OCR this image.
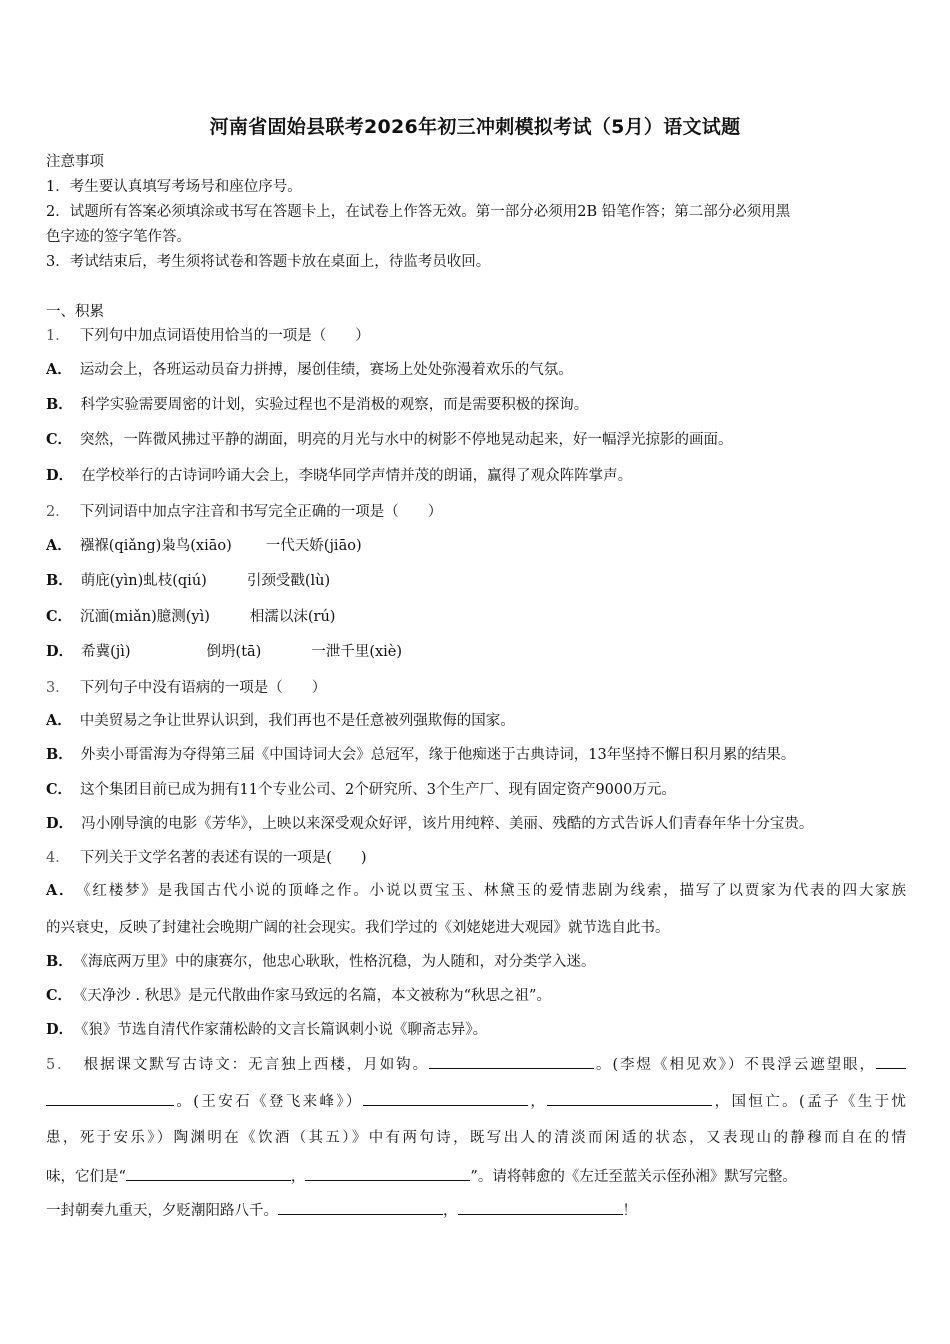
河南省固始县联考2026年初三冲刺模拟考试（5月）语文试题
注意事项
1．考生要认真填写考场号和座位序号。
2．试题所有答案必须填涂或书写在答题卡上，在试卷上作答无效。第一部分必须用2B 铅笔作答；第二部分必须用黑
色字迹的签字笔作答。
3．考试结束后，考生须将试卷和答题卡放在桌面上，待监考员收回。
一、积累
1． 下列句中加点词语使用恰当的一项是（　　）
A． 运动会上，各班运动员奋力拼搏，屡创佳绩，赛场上处处弥漫着欢乐的气氛。
B． 科学实验需要周密的计划，实验过程也不是消极的观察，而是需要积极的探询。
C． 突然，一阵微风拂过平静的湖面，明亮的月光与水中的树影不停地晃动起来，好一幅浮光掠影的画面。
D． 在学校举行的古诗词吟诵大会上，李晓华同学声情并茂的朗诵，赢得了观众阵阵掌声。
2． 下列词语中加点字注音和书写完全正确的一项是（　　）
A． 襁褓(qiǎng)枭鸟(xiāo) 一代天娇(jiāo)
B． 萌庇(yìn)虬枝(qiú)	引颈受戳(lù)
C． 沉湎(miǎn)臆测(yì)	相濡以沫(rú)
D． 希冀(jì)	倒坍(tā)	一泄千里(xiè)
3． 下列句子中没有语病的一项是（　　）
A． 中美贸易之争让世界认识到，我们再也不是任意被列强欺侮的国家。
B． 外卖小哥雷海为夺得第三届《中国诗词大会》总冠军，缘于他痴迷于古典诗词，13年坚持不懈日积月累的结果。
C． 这个集团目前已成为拥有11个专业公司、2个研究所、3个生产厂、现有固定资产9000万元。
D． 冯小刚导演的电影《芳华》，上映以来深受观众好评，该片用纯粹、美丽、残酷的方式告诉人们青春年华十分宝贵。
4． 下列关于文学名著的表述有误的一项是(　　)
A． 《红楼梦》是我国古代小说的顶峰之作。小说以贾宝玉、林黛玉的爱情悲剧为线索，描写了以贾家为代表的四大家族
的兴衰史，反映了封建社会晚期广阔的社会现实。我们学过的《刘姥姥进大观园》就节选自此书。
B． 《海底两万里》中的康赛尔，他忠心耿耿，性格沉稳，为人随和，对分类学入迷。
C． 《天净沙 . 秋思》是元代散曲作家马致远的名篇，本文被称为“秋思之祖”。
D． 《狼》节选自清代作家蒲松龄的文言长篇讽刺小说《聊斋志异》。
5． 根据课文默写古诗文：无言独上西楼，月如钩。	。(李煜《相见欢》）不畏浮云遮望眼，
。(王安石《登飞来峰》）	，	，国恒亡。(孟子《生于忧
患，死于安乐》）陶渊明在《饮酒（其五）》中有两句诗，既写出人的清淡而闲适的状态，又表现山的静穆而自在的情
味，它们是“	，	”。请将韩愈的《左迁至蓝关示侄孙湘》默写完整。
一封朝奏九重天，夕贬潮阳路八千。	，	！
